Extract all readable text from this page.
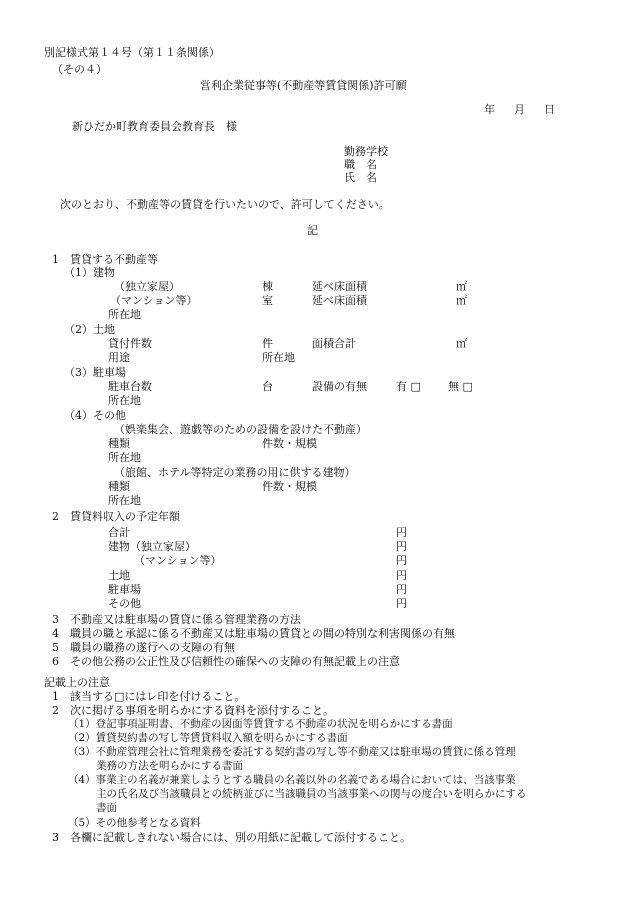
別記様式第１４号（第１１条関係）
（その４）
営利企業従事等(不動産等賃貸関係)許可願
年 月 日
新ひだか町教育委員会教育長　様
勤務学校
職　名
氏　名
次のとおり、不動産等の賃貸を行いたいので、許可してください。
記
1　賃貸する不動産等
（1）建物
（独立家屋）	棟	延べ床面積	㎡
（マンション等）	室	延べ床面積	㎡
所在地
（2）土地
貸付件数	件	面積合計	㎡
用途	所在地
（3）駐車場
駐車台数	台	設備の有無	有 □ 無 □
所在地
（4）その他
（娯楽集会、遊戯等のための設備を設けた不動産）
種類	件数・規模
所在地
（旅館、ホテル等特定の業務の用に供する建物）
種類	件数・規模
所在地
2　賃貸料収入の予定年額
合計	円
建物（独立家屋）	円
（マンション等）	円
土地	円
駐車場	円
その他	円
3　不動産又は駐車場の賃貸に係る管理業務の方法
4　職員の職と承認に係る不動産又は駐車場の賃貸との間の特別な利害関係の有無
5　職員の職務の遂行への支障の有無
6　その他公務の公正性及び信頼性の確保への支障の有無記載上の注意
記載上の注意
1　該当する□にはレ印を付けること。
2　次に掲げる事項を明らかにする資料を添付すること。
（1）登記事項証明書、不動産の図面等賃貸する不動産の状況を明らかにする書面
（2）賃貸契約書の写し等賃貸料収入額を明らかにする書面
（3）不動産管理会社に管理業務を委託する契約書の写し等不動産又は駐車場の賃貸に係る管理
業務の方法を明らかにする書面
（4）事業主の名義が兼業しようとする職員の名義以外の名義である場合においては、当該事業
主の氏名及び当該職員との続柄並びに当該職員の当該事業への関与の度合いを明らかにする
書面
（5）その他参考となる資料
3　各欄に記載しきれない場合には、別の用紙に記載して添付すること。
